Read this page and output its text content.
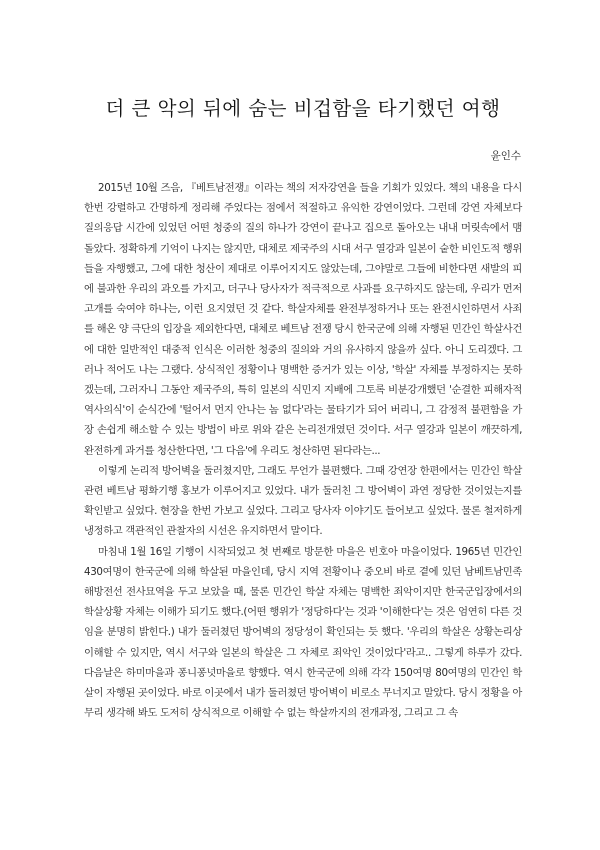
더 큰 악의 뒤에 숨는 비겁함을 타기했던 여행
윤인수

2015년 10월 즈음, 『베트남전쟁』이라는 책의 저자강연을 들을 기회가 있었다. 책의 내용을 다시한번 강렬하고 간명하게 정리해 주었다는 점에서 적절하고 유익한 강연이었다. 그런데 강연 자체보다 질의응답 시간에 있었던 어떤 청중의 질의 하나가 강연이 끝나고 집으로 돌아오는 내내 머릿속에서 맴돌았다. 정확하게 기억이 나지는 않지만, 대체로 제국주의 시대 서구 열강과 일본이 숱한 비인도적 행위들을 자행했고, 그에 대한 청산이 제대로 이루어지지도 않았는데, 그야말로 그들에 비한다면 새발의 피에 불과한 우리의 과오를 가지고, 더구나 당사자가 적극적으로 사과를 요구하지도 않는데, 우리가 먼저 고개를 숙여야 하나는, 이런 요지였던 것 같다. 학살자체를 완전부정하거나 또는 완전시인하면서 사죄를 해온 양 극단의 입장을 제외한다면, 대체로 베트남 전쟁 당시 한국군에 의해 자행된 민간인 학살사건에 대한 일반적인 대중적 인식은 이러한 청중의 질의와 거의 유사하지 않을까 싶다. 아니 도리겠다. 그러나 적어도 나는 그랬다. 상식적인 정황이나 명백한 증거가 있는 이상, '학살' 자체를 부정하지는 못하겠는데, 그러자니 그동안 제국주의, 특히 일본의 식민지 지배에 그토록 비분강개했던 '순결한 피해자적 역사의식'이 순식간에 '털어서 먼지 안나는 놈 없다'라는 물타기가 되어 버리니, 그 감정적 불편함을 가장 손쉽게 해소할 수 있는 방법이 바로 위와 같은 논리전개였던 것이다. 서구 열강과 일본이 깨끗하게, 완전하게 과거를 청산한다면, '그 다음'에 우리도 청산하면 된다라는...

이렇게 논리적 방어벽을 둘러쳤지만, 그래도 무언가 불편했다. 그때 강연장 한편에서는 민간인 학살관련 베트남 평화기행 홍보가 이루어지고 있었다. 내가 둘러친 그 방어벽이 과연 정당한 것이었는지를 확인받고 싶었다. 현장을 한번 가보고 싶었다. 그리고 당사자 이야기도 들어보고 싶었다. 물론 철저하게 냉정하고 객관적인 관찰자의 시선은 유지하면서 말이다.

마침내 1월 16일 기행이 시작되었고 첫 번째로 방문한 마을은 빈호아 마을이었다. 1965년 민간인 430여명이 한국군에 의해 학살된 마을인데, 당시 지역 전황이나 중오비 바로 곁에 있던 남베트남민족해방전선 전사묘역을 두고 보았을 때, 물론 민간인 학살 자체는 명백한 죄악이지만 한국군입장에서의 학살상황 자체는 이해가 되기도 했다.(어떤 행위가 '정당하다'는 것과 '이해한다'는 것은 엄연히 다른 것임을 분명히 밝힌다.) 내가 둘러쳤던 방어벽의 정당성이 확인되는 듯 했다. '우리의 학살은 상황논리상 이해할 수 있지만, 역시 서구와 일본의 학살은 그 자체로 죄악인 것이었다'라고.. 그렇게 하루가 갔다. 다음날은 하미마을과 퐁니퐁넛마을로 향했다. 역시 한국군에 의해 각각 150여명 80여명의 민간인 학살이 자행된 곳이었다. 바로 이곳에서 내가 둘러쳤던 방어벽이 비로소 무너지고 말았다. 당시 정황을 아무리 생각해 봐도 도저히 상식적으로 이해할 수 없는 학살까지의 전개과정, 그리고 그 속
